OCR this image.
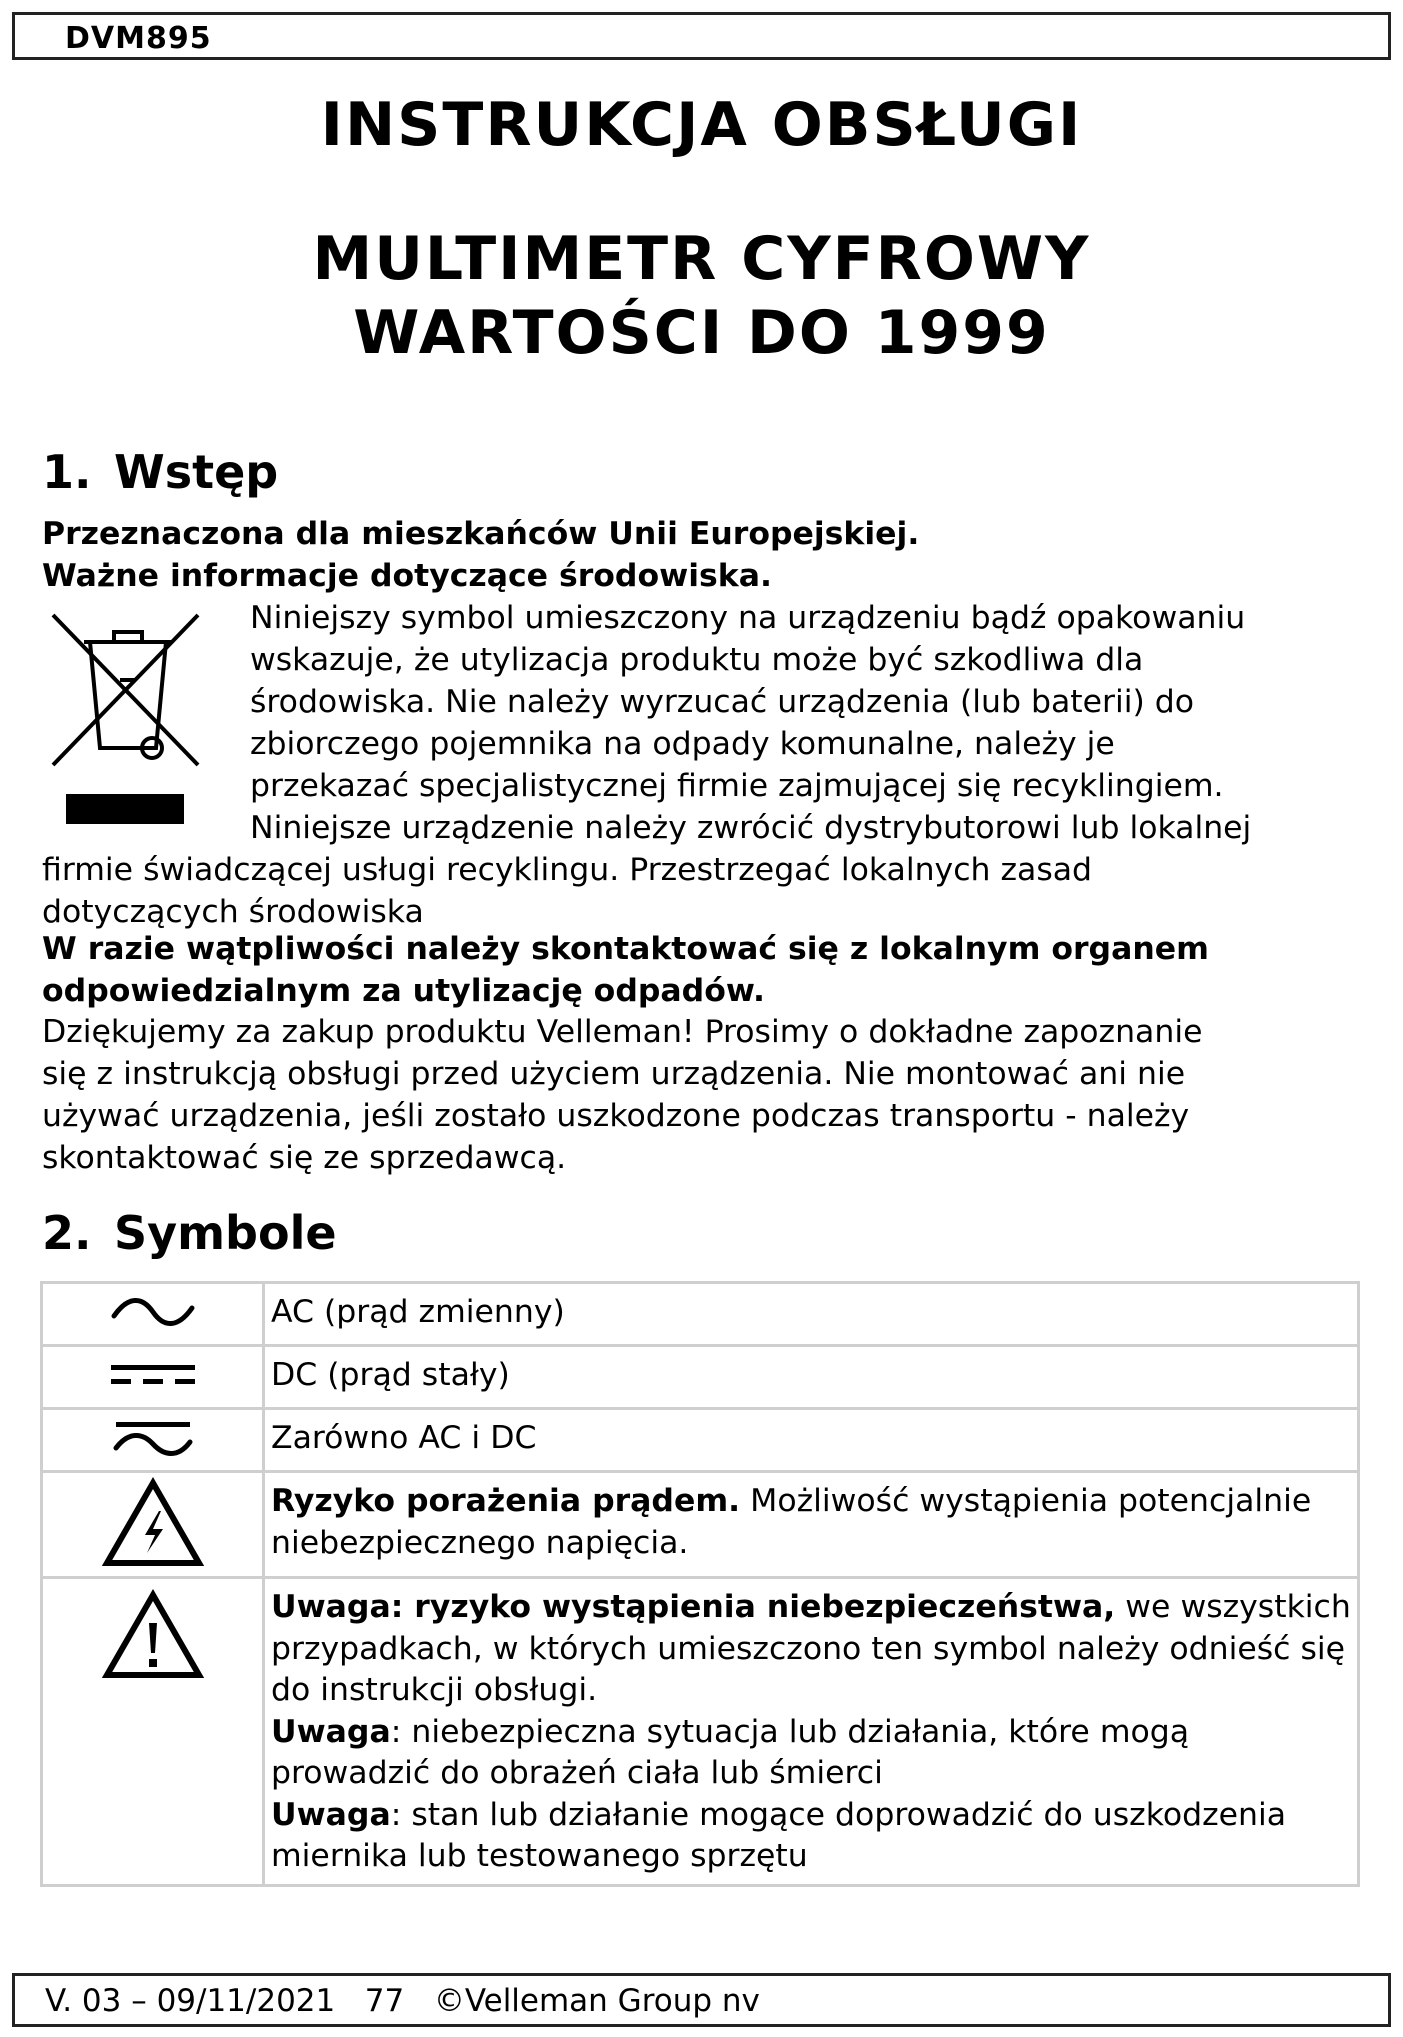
DVM895
INSTRUKCJA OBSŁUGI
MULTIMETR CYFROWY
WARTOŚCI DO 1999
1. Wstęp
Przeznaczona dla mieszkańców Unii Europejskiej.
Ważne informacje dotyczące środowiska.
Niniejszy symbol umieszczony na urządzeniu bądź opakowaniu
wskazuje, że utylizacja produktu może być szkodliwa dla
środowiska. Nie należy wyrzucać urządzenia (lub baterii) do
zbiorczego pojemnika na odpady komunalne, należy je
przekazać specjalistycznej firmie zajmującej się recyklingiem.
Niniejsze urządzenie należy zwrócić dystrybutorowi lub lokalnej
firmie świadczącej usługi recyklingu. Przestrzegać lokalnych zasad
dotyczących środowiska
W razie wątpliwości należy skontaktować się z lokalnym organem
odpowiedzialnym za utylizację odpadów.
Dziękujemy za zakup produktu Velleman! Prosimy o dokładne zapoznanie
się z instrukcją obsługi przed użyciem urządzenia. Nie montować ani nie
używać urządzenia, jeśli zostało uszkodzone podczas transportu - należy
skontaktować się ze sprzedawcą.
2. Symbole
	AC (prąd zmienny)
	DC (prąd stały)
	Zarówno AC i DC
	Ryzyko porażenia prądem. Możliwość wystąpienia potencjalnie niebezpiecznego napięcia.
	Uwaga: ryzyko wystąpienia niebezpieczeństwa, we wszystkich przypadkach, w których umieszczono ten symbol należy odnieść się do instrukcji obsługi.
Uwaga: niebezpieczna sytuacja lub działania, które mogą prowadzić do obrażeń ciała lub śmierci
Uwaga: stan lub działanie mogące doprowadzić do uszkodzenia miernika lub testowanego sprzętu
V. 03 – 09/11/2021   77   ©Velleman Group nv
